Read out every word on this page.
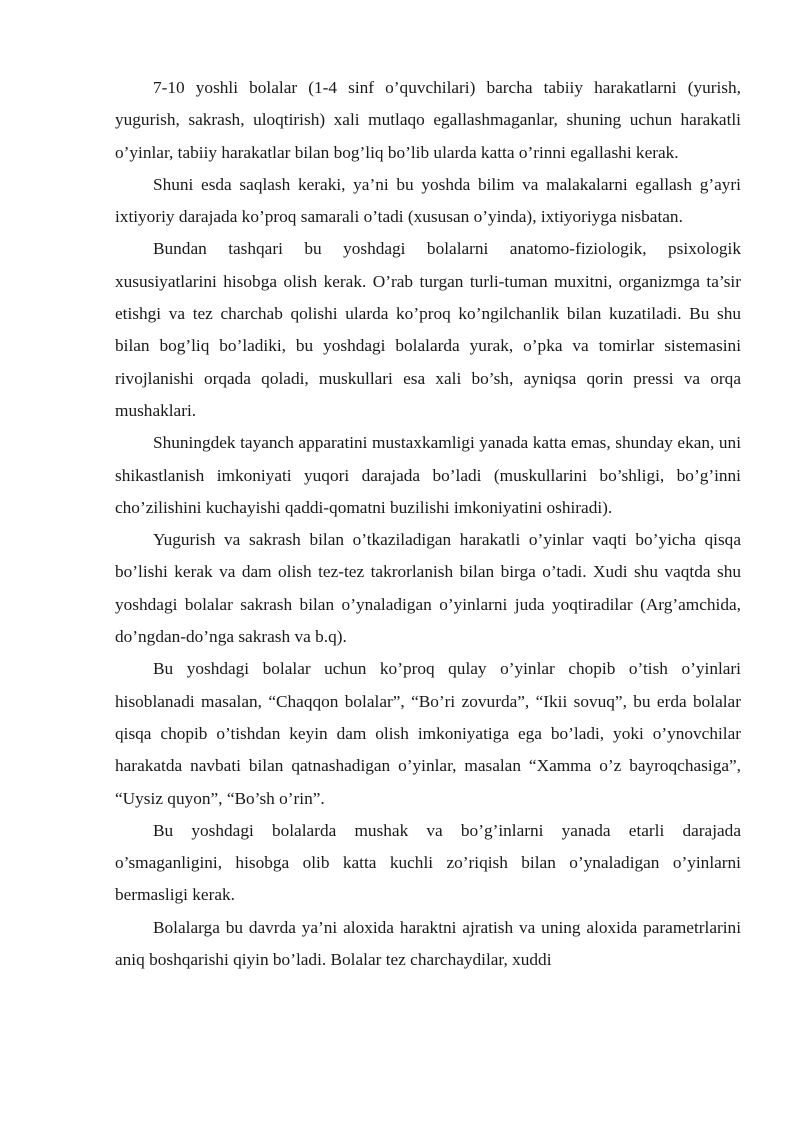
7-10 yoshli bolalar (1-4 sinf o’quvchilari) barcha tabiiy harakatlarni (yurish, yugurish, sakrash, uloqtirish) xali mutlaqo egallashmaganlar, shuning uchun harakatli o’yinlar, tabiiy harakatlar bilan bog’liq bo’lib ularda katta o’rinni egallashi kerak.

Shuni esda saqlash keraki, ya’ni bu yoshda bilim va malakalarni egallash g’ayri ixtiyoriy darajada ko’proq samarali o’tadi (xususan o’yinda), ixtiyoriyga nisbatan.

Bundan tashqari bu yoshdagi bolalarni anatomo-fiziologik, psixologik xususiyatlarini hisobga olish kerak. O’rab turgan turli-tuman muxitni, organizmga ta’sir etishgi va tez charchab qolishi ularda ko’proq ko’ngilchanlik bilan kuzatiladi. Bu shu bilan bog’liq bo’ladiki, bu yoshdagi bolalarda yurak, o’pka va tomirlar sistemasini rivojlanishi orqada qoladi, muskullari esa xali bo’sh, ayniqsa qorin pressi va orqa mushaklari.

Shuningdek tayanch apparatini mustaxkamligi yanada katta emas, shunday ekan, uni shikastlanish imkoniyati yuqori darajada bo’ladi (muskullarini bo’shligi, bo’g’inni cho’zilishini kuchayishi qaddi-qomatni buzilishi imkoniyatini oshiradi).

Yugurish va sakrash bilan o’tkaziladigan harakatli o’yinlar vaqti bo’yicha qisqa bo’lishi kerak va dam olish tez-tez takrorlanish bilan birga o’tadi. Xudi shu vaqtda shu yoshdagi bolalar sakrash bilan o’ynaladigan o’yinlarni juda yoqtiradilar (Arg’amchida, do’ngdan-do’nga sakrash va b.q).

Bu yoshdagi bolalar uchun ko’proq qulay o’yinlar chopib o’tish o’yinlari hisoblanadi masalan, “Chaqqon bolalar”, “Bo’ri zovurda”, “Ikii sovuq”, bu erda bolalar qisqa chopib o’tishdan keyin dam olish imkoniyatiga ega bo’ladi, yoki o’ynovchilar harakatda navbati bilan qatnashadigan o’yinlar, masalan “Xamma o’z bayroqchasiga”, “Uysiz quyon”, “Bo’sh o’rin”.

Bu yoshdagi bolalarda mushak va bo’g’inlarni yanada etarli darajada o’smaganligini, hisobga olib katta kuchli zo’riqish bilan o’ynaladigan o’yinlarni bermasligi kerak.

Bolalarga bu davrda ya’ni aloxida haraktni ajratish va uning aloxida parametrlarini aniq boshqarishi qiyin bo’ladi. Bolalar tez charchaydilar, xuddi
